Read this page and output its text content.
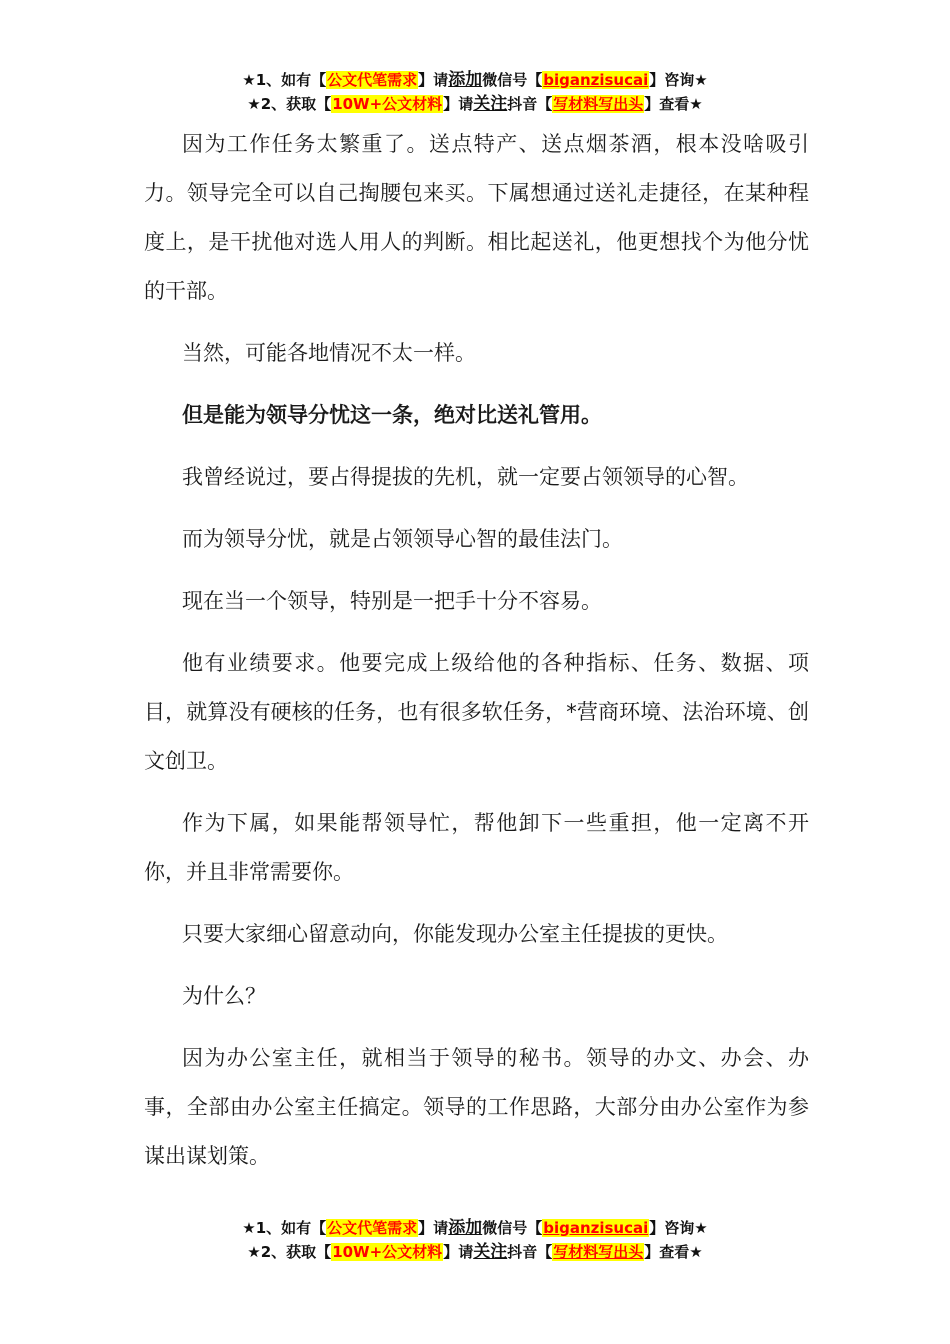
★1、如有【公文代笔需求】请添加微信号【biganzisucai】咨询★
★2、获取【10W+公文材料】请关注抖音【写材料写出头】查看★

因为工作任务太繁重了。送点特产、送点烟茶酒，根本没啥吸引力。领导完全可以自己掏腰包来买。下属想通过送礼走捷径，在某种程度上，是干扰他对选人用人的判断。相比起送礼，他更想找个为他分忧的干部。

当然，可能各地情况不太一样。

但是能为领导分忧这一条，绝对比送礼管用。

我曾经说过，要占得提拔的先机，就一定要占领领导的心智。

而为领导分忧，就是占领领导心智的最佳法门。

现在当一个领导，特别是一把手十分不容易。

他有业绩要求。他要完成上级给他的各种指标、任务、数据、项目，就算没有硬核的任务，也有很多软任务，*营商环境、法治环境、创文创卫。

作为下属，如果能帮领导忙，帮他卸下一些重担，他一定离不开你，并且非常需要你。

只要大家细心留意动向，你能发现办公室主任提拔的更快。

为什么？

因为办公室主任，就相当于领导的秘书。领导的办文、办会、办事，全部由办公室主任搞定。领导的工作思路，大部分由办公室作为参谋出谋划策。

★1、如有【公文代笔需求】请添加微信号【biganzisucai】咨询★
★2、获取【10W+公文材料】请关注抖音【写材料写出头】查看★
